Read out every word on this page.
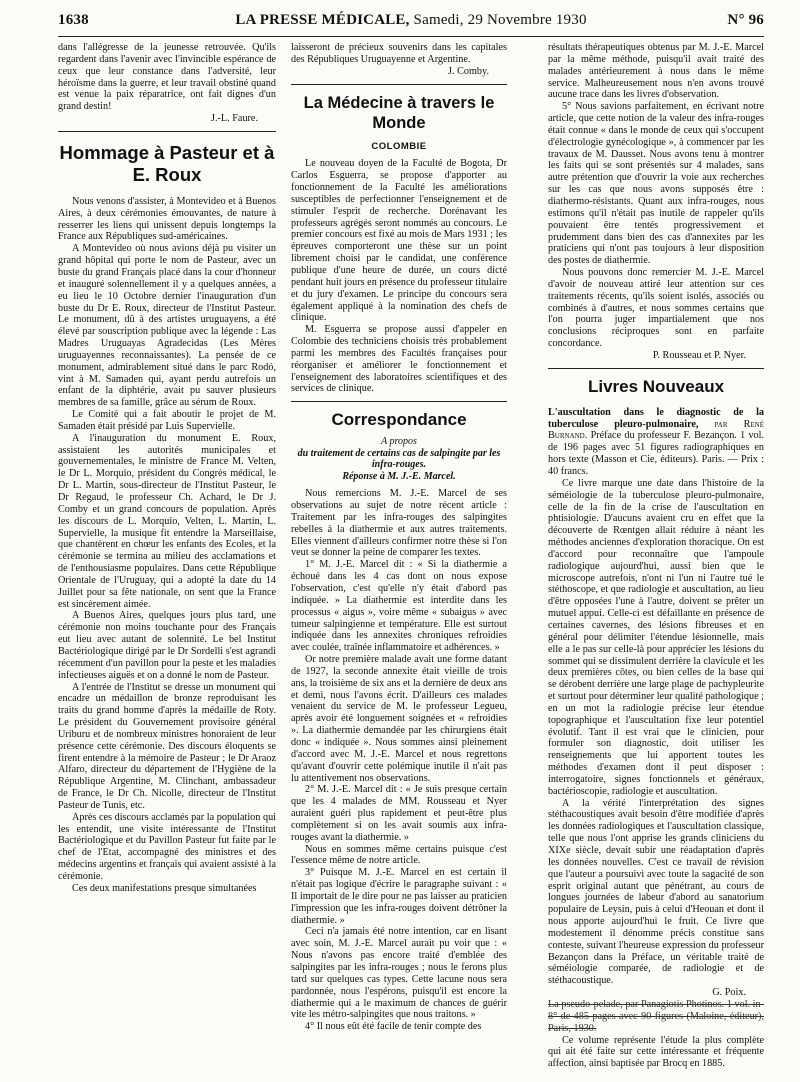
1638	LA PRESSE MÉDICALE, Samedi, 29 Novembre 1930	N° 96

dans l'allégresse de la jeunesse retrouvée. Qu'ils regardent dans l'avenir avec l'invincible espérance de ceux que leur constance dans l'adversité, leur héroïsme dans la guerre, et leur travail obstiné quand est venue la paix réparatrice, ont fait dignes d'un grand destin!

J.-L. Faure.

Hommage à Pasteur et à E. Roux

Nous venons d'assister, à Montevideo et à Buenos Aires, à deux cérémonies émouvantes, de nature à resserrer les liens qui unissent depuis longtemps la France aux Républiques sud-américaines.

A Montevideo où nous avions déjà pu visiter un grand hôpital qui porte le nom de Pasteur, avec un buste du grand Français placé dans la cour d'honneur et inauguré solennellement il y a quelques années, a eu lieu le 10 Octobre dernier l'inauguration d'un buste du Dr E. Roux, directeur de l'Institut Pasteur. Le monument, dû à des artistes uruguayens, a été élevé par souscription publique avec la légende : Las Madres Uruguayas Agradecidas (Les Mères uruguayennes reconnaissantes). La pensée de ce monument, admirablement situé dans le parc Rodó, vint à M. Samaden qui, ayant perdu autrefois un enfant de la diphtérie, avait pu sauver plusieurs membres de sa famille, grâce au sérum de Roux.

Le Comité qui a fait aboutir le projet de M. Samaden était présidé par Luis Supervielle.

A l'inauguration du monument E. Roux, assistaient les autorités municipales et gouvernementales, le ministre de France M. Velten, le Dr L. Morquio, président du Congrès médical, le Dr L. Martin, sous-directeur de l'Institut Pasteur, le Dr Regaud, le professeur Ch. Achard, le Dr J. Comby et un grand concours de population. Après les discours de L. Morquio, Velten, L. Martin, L. Supervielle, la musique fit entendre la Marseillaise, que chantèrent en chœur les enfants des Ecoles, et la cérémonie se termina au milieu des acclamations et de l'enthousiasme populaires. Dans cette République Orientale de l'Uruguay, qui a adopté la date du 14 Juillet pour sa fête nationale, on sent que la France est sincèrement aimée.

A Buenos Aires, quelques jours plus tard, une cérémonie non moins touchante pour des Français eut lieu avec autant de solennité. Le bel Institut Bactériologique dirigé par le Dr Sordelli s'est agrandi récemment d'un pavillon pour la peste et les maladies infectieuses aiguës et on a donné le nom de Pasteur.

A l'entrée de l'Institut se dresse un monument qui encadre un médaillon de bronze reproduisant les traits du grand homme d'après la médaille de Roty. Le président du Gouvernement provisoire général Uriburu et de nombreux ministres honoraient de leur présence cette cérémonie. Des discours éloquents se firent entendre à la mémoire de Pasteur ; le Dr Araoz Alfaro, directeur du département de l'Hygiène de la République Argentine, M. Clinchant, ambassadeur de France, le Dr Ch. Nicolle, directeur de l'Institut Pasteur de Tunis, etc.

Après ces discours acclamés par la population qui les entendit, une visite intéressante de l'Institut Bactériologique et du Pavillon Pasteur fut faite par le chef de l'Etat, accompagné des ministres et des médecins argentins et français qui avaient assisté à la cérémonie.

Ces deux manifestations presque simultanées

laisseront de précieux souvenirs dans les capitales des Républiques Uruguayenne et Argentine.

J. Comby.

La Médecine à travers le Monde
COLOMBIE

Le nouveau doyen de la Faculté de Bogota, Dr Carlos Esguerra, se propose d'apporter au fonctionnement de la Faculté les améliorations susceptibles de perfectionner l'enseignement et de stimuler l'esprit de recherche. Dorénavant les professeurs agrégés seront nommés au concours. Le premier concours est fixé au mois de Mars 1931 ; les épreuves comporteront une thèse sur un point librement choisi par le candidat, une conférence publique d'une heure de durée, un cours dicté pendant huit jours en présence du professeur titulaire et du jury d'examen. Le principe du concours sera également appliqué à la nomination des chefs de clinique.

M. Esguerra se propose aussi d'appeler en Colombie des techniciens choisis très probablement parmi les membres des Facultés françaises pour réorganiser et améliorer le fonctionnement et l'enseignement des laboratoires scientifiques et des services de clinique.

Correspondance
A propos
du traitement de certains cas de salpingite par les infra-rouges.
Réponse à M. J.-E. Marcel.

Nous remercions M. J.-E. Marcel de ses observations au sujet de notre récent article : Traitement par les infra-rouges des salpingites rebelles à la diathermie et aux autres traitements. Elles viennent d'ailleurs confirmer notre thèse si l'on veut se donner la peine de comparer les textes.

1° M. J.-E. Marcel dit : « Si la diathermie a échoué dans les 4 cas dont on nous expose l'observation, c'est qu'elle n'y était d'abord pas indiquée. » La diathermie est interdite dans les processus « aigus », voire même « subaigus » avec tumeur salpingienne et température. Elle est surtout indiquée dans les annexites chroniques refroidies avec coulée, traînée inflammatoire et adhérences. »

Or notre première malade avait une forme datant de 1927, la seconde annexite était vieille de trois ans, la troisième de six ans et la dernière de deux ans et demi, nous l'avons écrit. D'ailleurs ces malades venaient du service de M. le professeur Legueu, après avoir été longuement soignées et « refroidies ». La diathermie demandée par les chirurgiens était donc « indiquée ». Nous sommes ainsi pleinement d'accord avec M. J.-E. Marcel et nous regrettons qu'avant d'ouvrir cette polémique inutile il n'ait pas lu attentivement nos observations.

2° M. J.-E. Marcel dit : « Je suis presque certain que les 4 malades de MM. Rousseau et Nyer auraient guéri plus rapidement et peut-être plus complètement si on les avait soumis aux infra-rouges avant la diathermie. »

Nous en sommes même certains puisque c'est l'essence même de notre article.

3° Puisque M. J.-E. Marcel en est certain il n'était pas logique d'écrire le paragraphe suivant : « Il importait de le dire pour ne pas laisser au praticien l'impression que les infra-rouges doivent détrôner la diathermie. »

Ceci n'a jamais été notre intention, car en lisant avec soin, M. J.-E. Marcel aurait pu voir que : « Nous n'avons pas encore traité d'emblée des salpingites par les infra-rouges ; nous le ferons plus tard sur quelques cas types. Cette lacune nous sera pardonnée, nous l'espérons, puisqu'il est encore la diathermie qui a le maximum de chances de guérir vite les métro-salpingites que nous traitons. »

4° Il nous eût été facile de tenir compte des

résultats thérapeutiques obtenus par M. J.-E. Marcel par la même méthode, puisqu'il avait traité des malades antérieurement à nous dans le même service. Malheureusement nous n'en avons trouvé aucune trace dans les livres d'observation.

5° Nous savions parfaitement, en écrivant notre article, que cette notion de la valeur des infra-rouges était connue « dans le monde de ceux qui s'occupent d'électrologie gynécologique », à commencer par les travaux de M. Dausset. Nous avons tenu à montrer les faits qui se sont présentés sur 4 malades, sans autre prétention que d'ouvrir la voie aux recherches sur les cas que nous avons supposés être : diathermo-résistants. Quant aux infra-rouges, nous estimons qu'il n'était pas inutile de rappeler qu'ils pouvaient être tentés progressivement et prudemment dans bien des cas d'annexites par les praticiens qui n'ont pas toujours à leur disposition des postes de diathermie.

Nous pouvons donc remercier M. J.-E. Marcel d'avoir de nouveau attiré leur attention sur ces traitements récents, qu'ils soient isolés, associés ou combinés à d'autres, et nous sommes certains que l'on pourra juger impartialement que nos conclusions réciproques sont en parfaite concordance.

P. Rousseau et P. Nyer.

Livres Nouveaux

L'auscultation dans le diagnostic de la tuberculose pleuro-pulmonaire, par René Burnand. Préface du professeur F. Bezançon. 1 vol. de 196 pages avec 51 figures radiographiques en hors texte (Masson et Cie, éditeurs). Paris. — Prix : 40 francs.

Ce livre marque une date dans l'histoire de la séméiologie de la tuberculose pleuro-pulmonaire, celle de la fin de la crise de l'auscultation en phtisiologie. D'aucuns avaient cru en effet que la découverte de Rœntgen allait réduire à néant les méthodes anciennes d'exploration thoracique. On est d'accord pour reconnaître que l'ampoule radiologique aujourd'hui, aussi bien que le microscope autrefois, n'ont ni l'un ni l'autre tué le stéthoscope, et que radiologie et auscultation, au lieu d'être opposées l'une à l'autre, doivent se prêter un mutuel appui. Celle-ci est défaillante en présence de certaines cavernes, des lésions fibreuses et en général pour délimiter l'étendue lésionnelle, mais elle a le pas sur celle-là pour apprécier les lésions du sommet qui se dissimulent derrière la clavicule et les deux premières côtes, ou bien celles de la base qui se dérobent derrière une large plage de pachypleurite et surtout pour déterminer leur qualité pathologique ; en un mot la radiologie précise leur étendue topographique et l'auscultation fixe leur potentiel évolutif. Tant il est vrai que le clinicien, pour formuler son diagnostic, doit utiliser les renseignements que lui apportent toutes les méthodes d'examen dont il peut disposer : interrogatoire, signes fonctionnels et généraux, bactérioscopie, radiologie et auscultation.

A la vérité l'interprétation des signes stéthacoustiques avait besoin d'être modifiée d'après les données radiologiques et l'auscultation classique, telle que nous l'ont apprise les grands cliniciens du XIXe siècle, devait subir une réadaptation d'après les données nouvelles. C'est ce travail de révision que l'auteur a poursuivi avec toute la sagacité de son esprit original autant que pénétrant, au cours de longues journées de labeur d'abord au sanatorium populaire de Leysin, puis à celui d'Heouan et dont il nous apporte aujourd'hui le fruit. Ce livre que modestement il dénomme précis constitue sans conteste, suivant l'heureuse expression du professeur Bezançon dans la Préface, un véritable traité de séméiologie comparée, de radiologie et de stéthacoustique.

G. Poix.

La pseudo-pelade, par Panagiotis Photinos. 1 vol. in-8° de 485 pages avec 90 figures (Maloine, éditeur), Paris, 1930.

Ce volume représente l'étude la plus complète qui ait été faite sur cette intéressante et fréquente affection, ainsi baptisée par Brocq en 1885.
